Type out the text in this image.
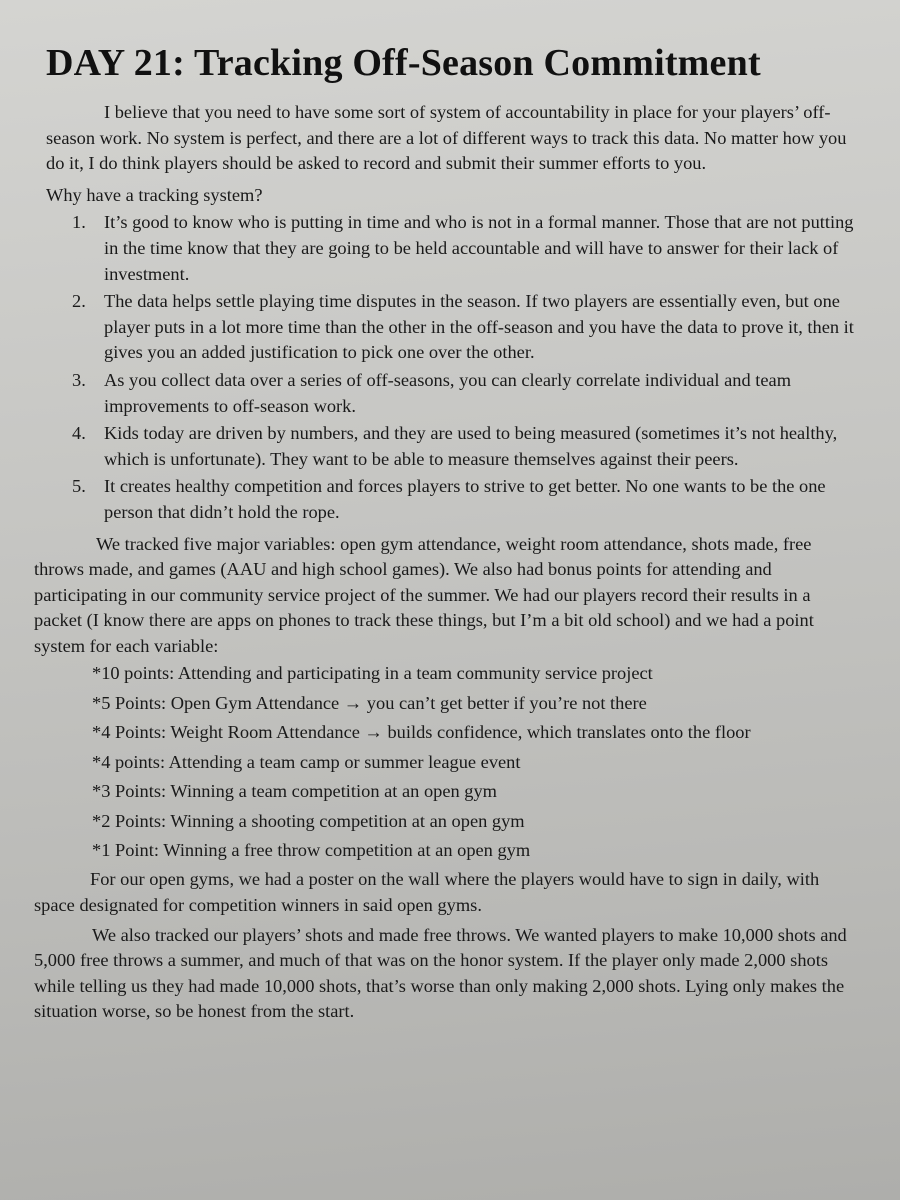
DAY 21: Tracking Off-Season Commitment

I believe that you need to have some sort of system of accountability in place for your players’ off-season work. No system is perfect, and there are a lot of different ways to track this data. No matter how you do it, I do think players should be asked to record and submit their summer efforts to you.

Why have a tracking system?

1. It’s good to know who is putting in time and who is not in a formal manner. Those that are not putting in the time know that they are going to be held accountable and will have to answer for their lack of investment.
2. The data helps settle playing time disputes in the season. If two players are essentially even, but one player puts in a lot more time than the other in the off-season and you have the data to prove it, then it gives you an added justification to pick one over the other.
3. As you collect data over a series of off-seasons, you can clearly correlate individual and team improvements to off-season work.
4. Kids today are driven by numbers, and they are used to being measured (sometimes it’s not healthy, which is unfortunate). They want to be able to measure themselves against their peers.
5. It creates healthy competition and forces players to strive to get better. No one wants to be the one person that didn’t hold the rope.

We tracked five major variables: open gym attendance, weight room attendance, shots made, free throws made, and games (AAU and high school games). We also had bonus points for attending and participating in our community service project of the summer. We had our players record their results in a packet (I know there are apps on phones to track these things, but I’m a bit old school) and we had a point system for each variable:

*10 points: Attending and participating in a team community service project
*5 Points: Open Gym Attendance → you can’t get better if you’re not there
*4 Points: Weight Room Attendance → builds confidence, which translates onto the floor
*4 points: Attending a team camp or summer league event
*3 Points: Winning a team competition at an open gym
*2 Points: Winning a shooting competition at an open gym
*1 Point: Winning a free throw competition at an open gym

For our open gyms, we had a poster on the wall where the players would have to sign in daily, with space designated for competition winners in said open gyms.

We also tracked our players’ shots and made free throws. We wanted players to make 10,000 shots and 5,000 free throws a summer, and much of that was on the honor system. If the player only made 2,000 shots while telling us they had made 10,000 shots, that’s worse than only making 2,000 shots. Lying only makes the situation worse, so be honest from the start.
